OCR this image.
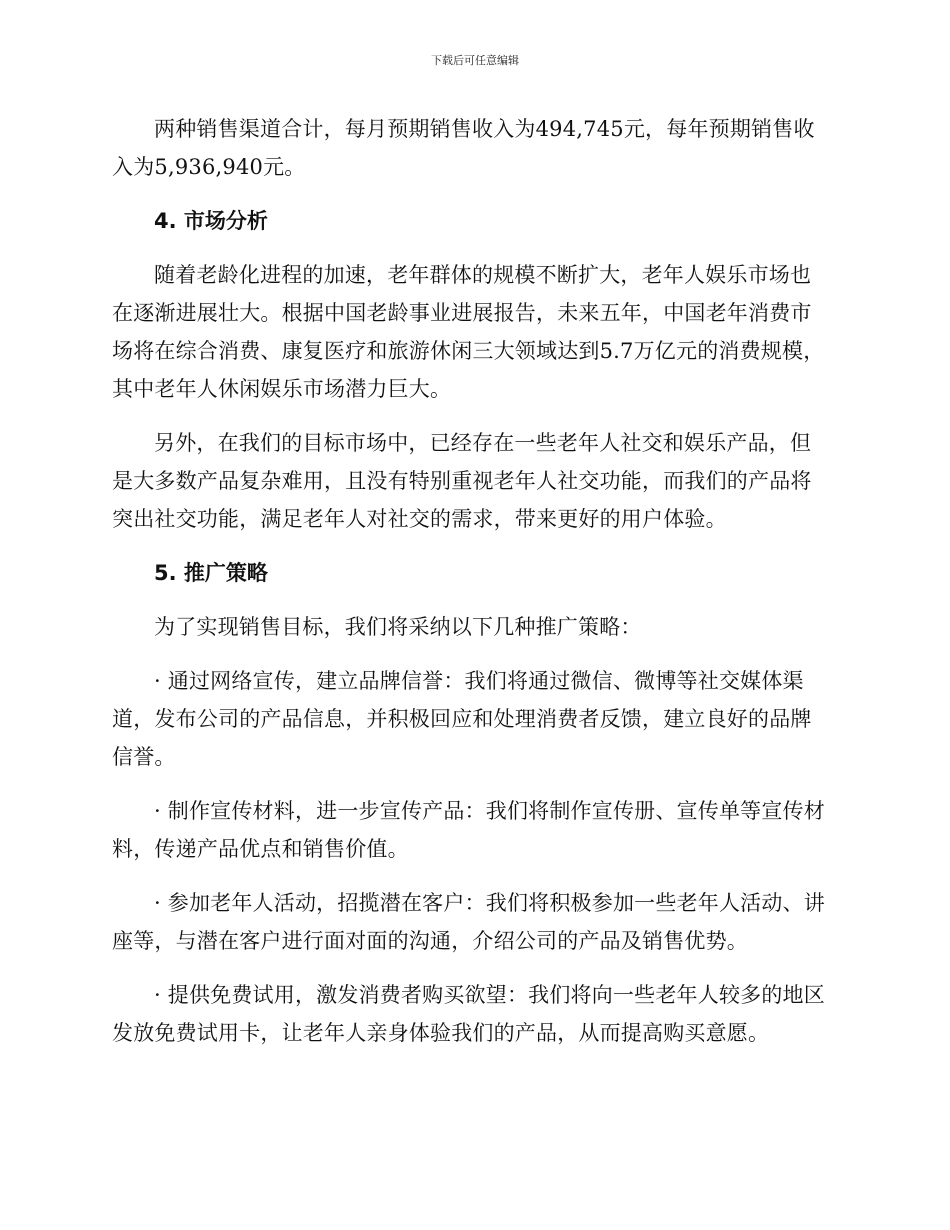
下载后可任意编辑

两种销售渠道合计，每月预期销售收入为494,745元，每年预期销售收入为5,936,940元。

4. 市场分析

随着老龄化进程的加速，老年群体的规模不断扩大，老年人娱乐市场也在逐渐进展壮大。根据中国老龄事业进展报告，未来五年，中国老年消费市场将在综合消费、康复医疗和旅游休闲三大领域达到5.7万亿元的消费规模，其中老年人休闲娱乐市场潜力巨大。

另外，在我们的目标市场中，已经存在一些老年人社交和娱乐产品，但是大多数产品复杂难用，且没有特别重视老年人社交功能，而我们的产品将突出社交功能，满足老年人对社交的需求，带来更好的用户体验。

5. 推广策略

为了实现销售目标，我们将采纳以下几种推广策略：

· 通过网络宣传，建立品牌信誉：我们将通过微信、微博等社交媒体渠道，发布公司的产品信息，并积极回应和处理消费者反馈，建立良好的品牌信誉。

· 制作宣传材料，进一步宣传产品：我们将制作宣传册、宣传单等宣传材料，传递产品优点和销售价值。

· 参加老年人活动，招揽潜在客户：我们将积极参加一些老年人活动、讲座等，与潜在客户进行面对面的沟通，介绍公司的产品及销售优势。

· 提供免费试用，激发消费者购买欲望：我们将向一些老年人较多的地区发放免费试用卡，让老年人亲身体验我们的产品，从而提高购买意愿。
